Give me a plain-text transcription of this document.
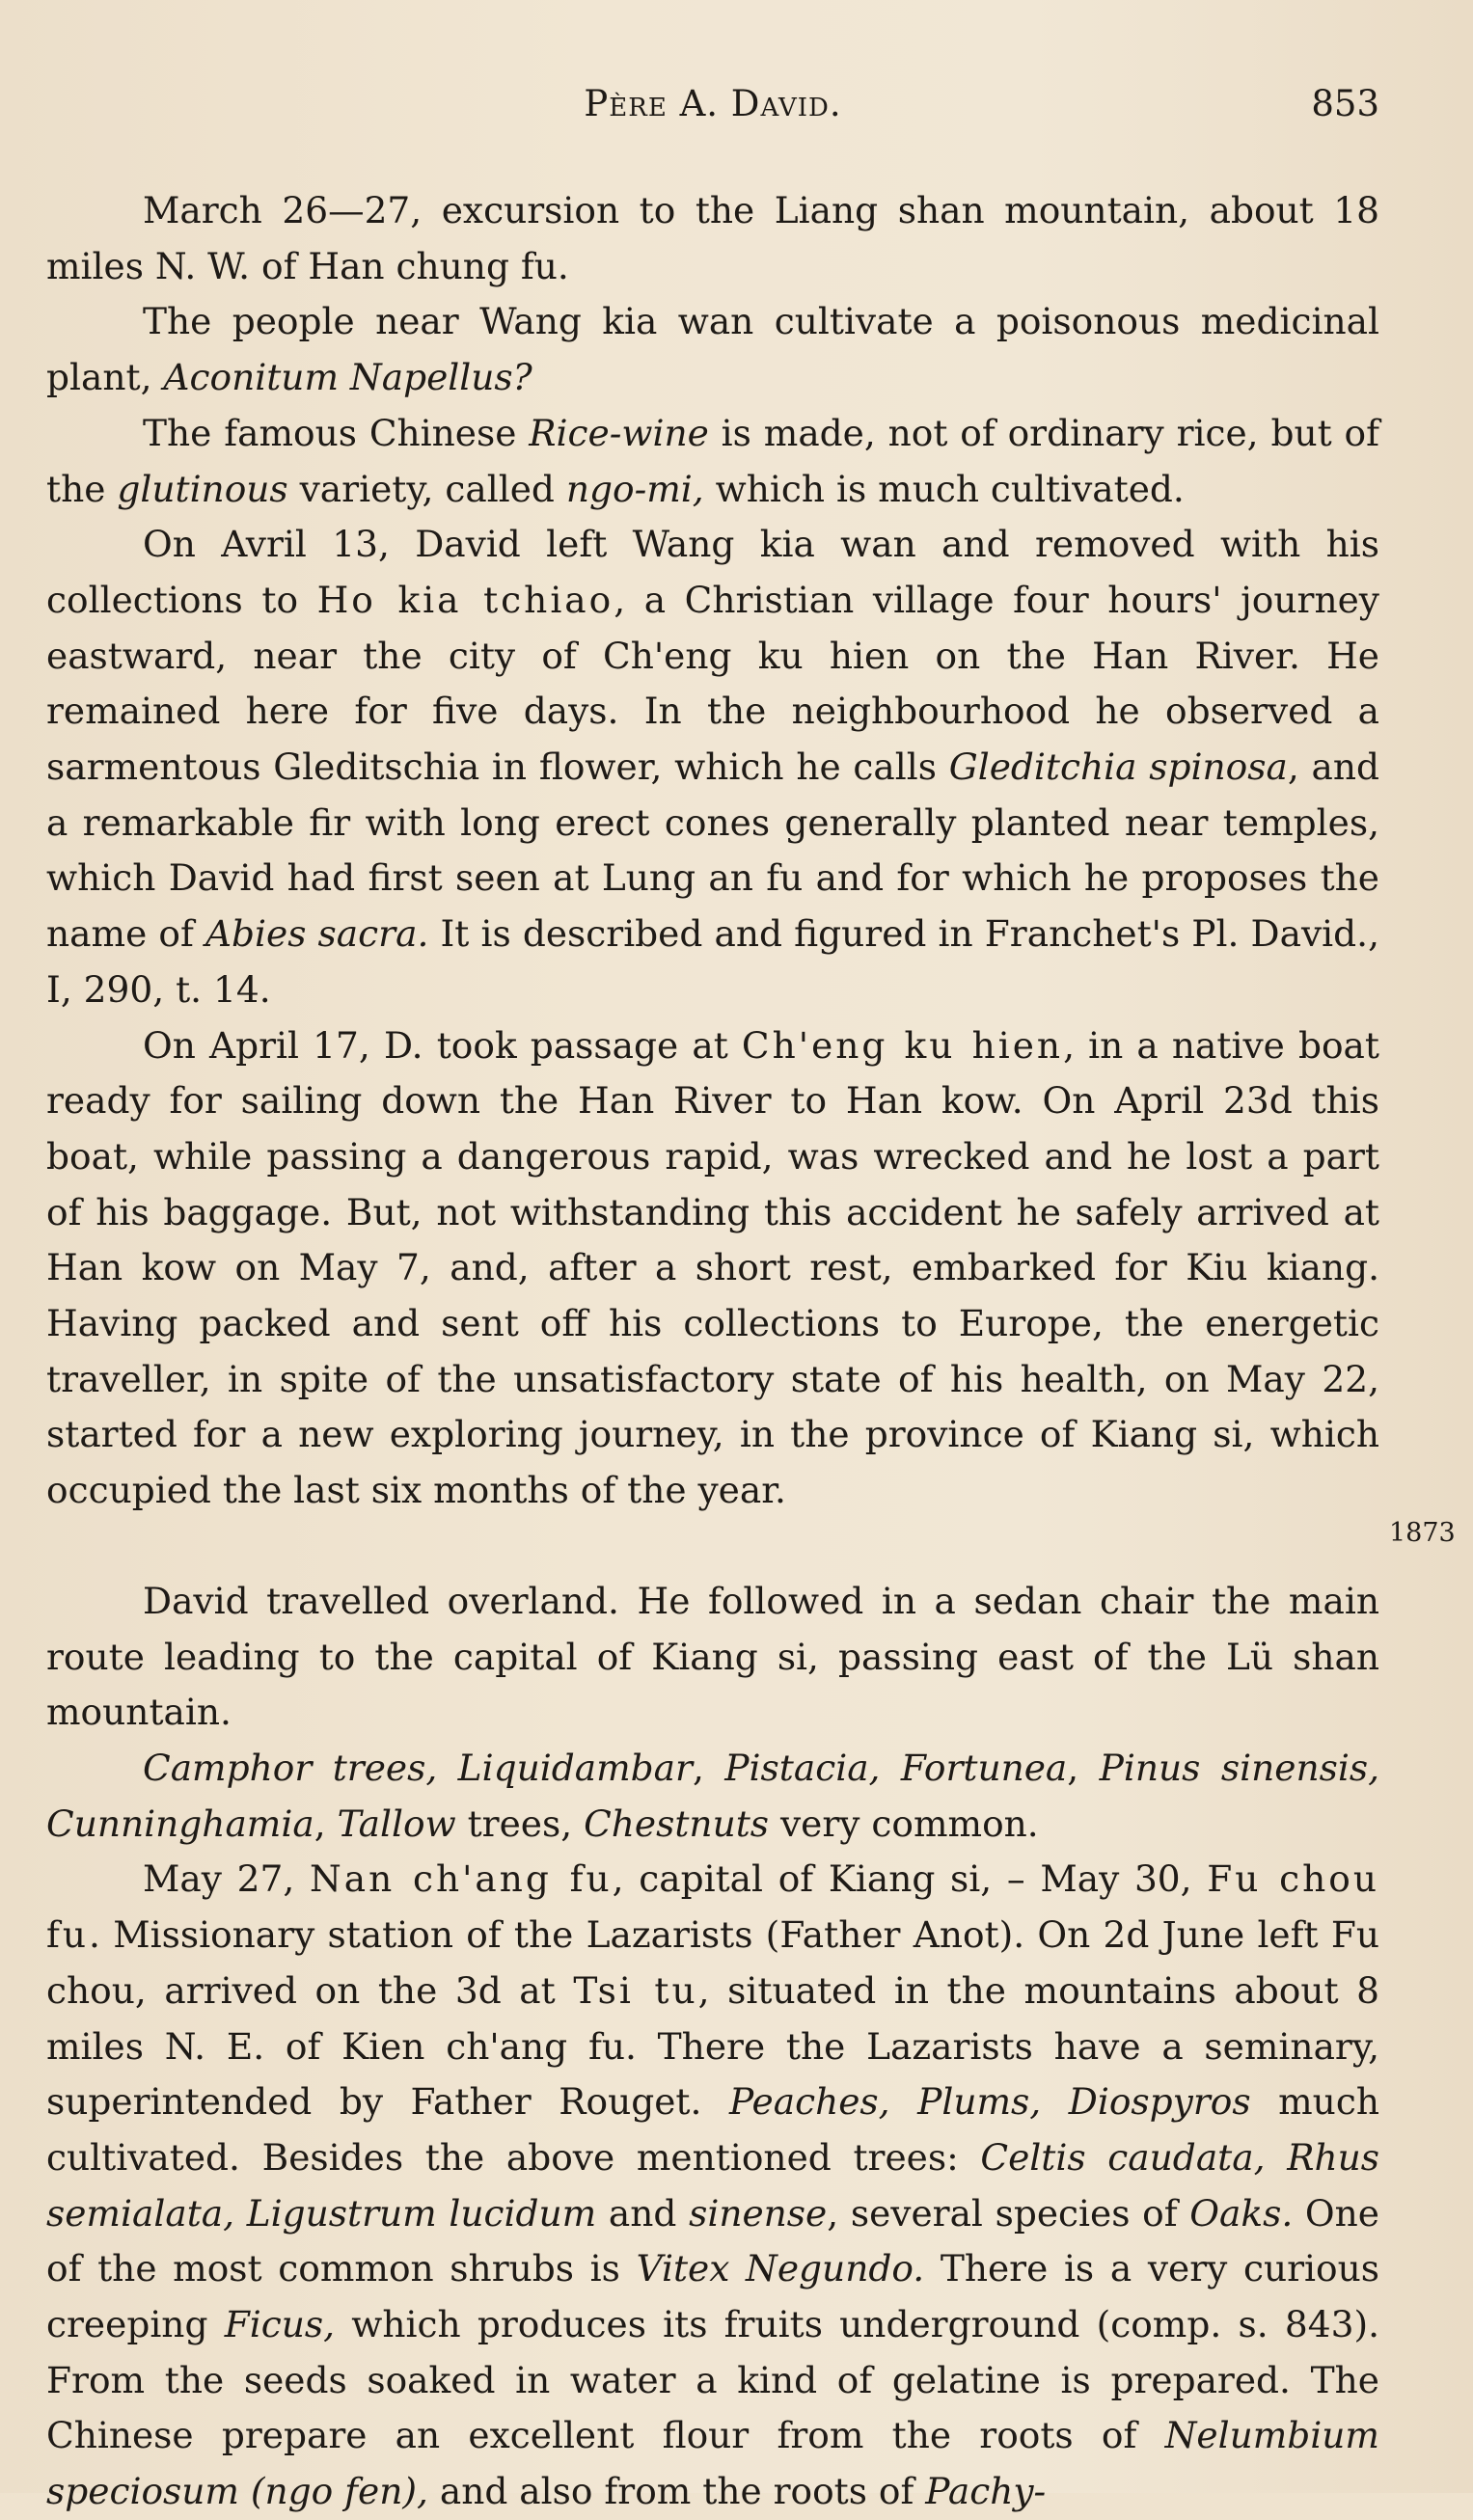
Père A. David.	853

March 26—27, excursion to the Liang shan mountain, about 18 miles N. W. of Han chung fu.

The people near Wang kia wan cultivate a poisonous medicinal plant, Aconitum Napellus?

The famous Chinese Rice-wine is made, not of ordinary rice, but of the glutinous variety, called ngo-mi, which is much cultivated.

On Avril 13, David left Wang kia wan and removed with his collections to Ho kia tchiao, a Christian village four hours' journey eastward, near the city of Ch'eng ku hien on the Han River. He remained here for five days. In the neighbourhood he observed a sarmentous Gleditschia in flower, which he calls Gleditchia spinosa, and a remarkable fir with long erect cones generally planted near temples, which David had first seen at Lung an fu and for which he proposes the name of Abies sacra. It is described and figured in Franchet's Pl. David., I, 290, t. 14.

On April 17, D. took passage at Ch'eng ku hien, in a native boat ready for sailing down the Han River to Han kow. On April 23d this boat, while passing a dangerous rapid, was wrecked and he lost a part of his baggage. But, not withstanding this accident he safely arrived at Han kow on May 7, and, after a short rest, embarked for Kiu kiang. Having packed and sent off his collections to Europe, the energetic traveller, in spite of the unsatisfactory state of his health, on May 22, started for a new exploring journey, in the province of Kiang si, which occupied the last six months of the year.

David travelled overland. He followed in a sedan chair the main route leading to the capital of Kiang si, passing east of the Lü shan mountain.

Camphor trees, Liquidambar, Pistacia, Fortunea, Pinus sinensis, Cunninghamia, Tallow trees, Chestnuts very common.

May 27, Nan ch'ang fu, capital of Kiang si, – May 30, Fu chou fu. Missionary station of the Lazarists (Father Anot). On 2d June left Fu chou, arrived on the 3d at Tsi tu, situated in the mountains about 8 miles N. E. of Kien ch'ang fu. There the Lazarists have a seminary, superintended by Father Rouget. Peaches, Plums, Diospyros much cultivated. Besides the above mentioned trees: Celtis caudata, Rhus semialata, Ligustrum lucidum and sinense, several species of Oaks. One of the most common shrubs is Vitex Negundo. There is a very curious creeping Ficus, which produces its fruits underground (comp. s. 843). From the seeds soaked in water a kind of gelatine is prepared. The Chinese prepare an excellent flour from the roots of Nelumbium speciosum (ngo fen), and also from the roots of Pachy-

1873
